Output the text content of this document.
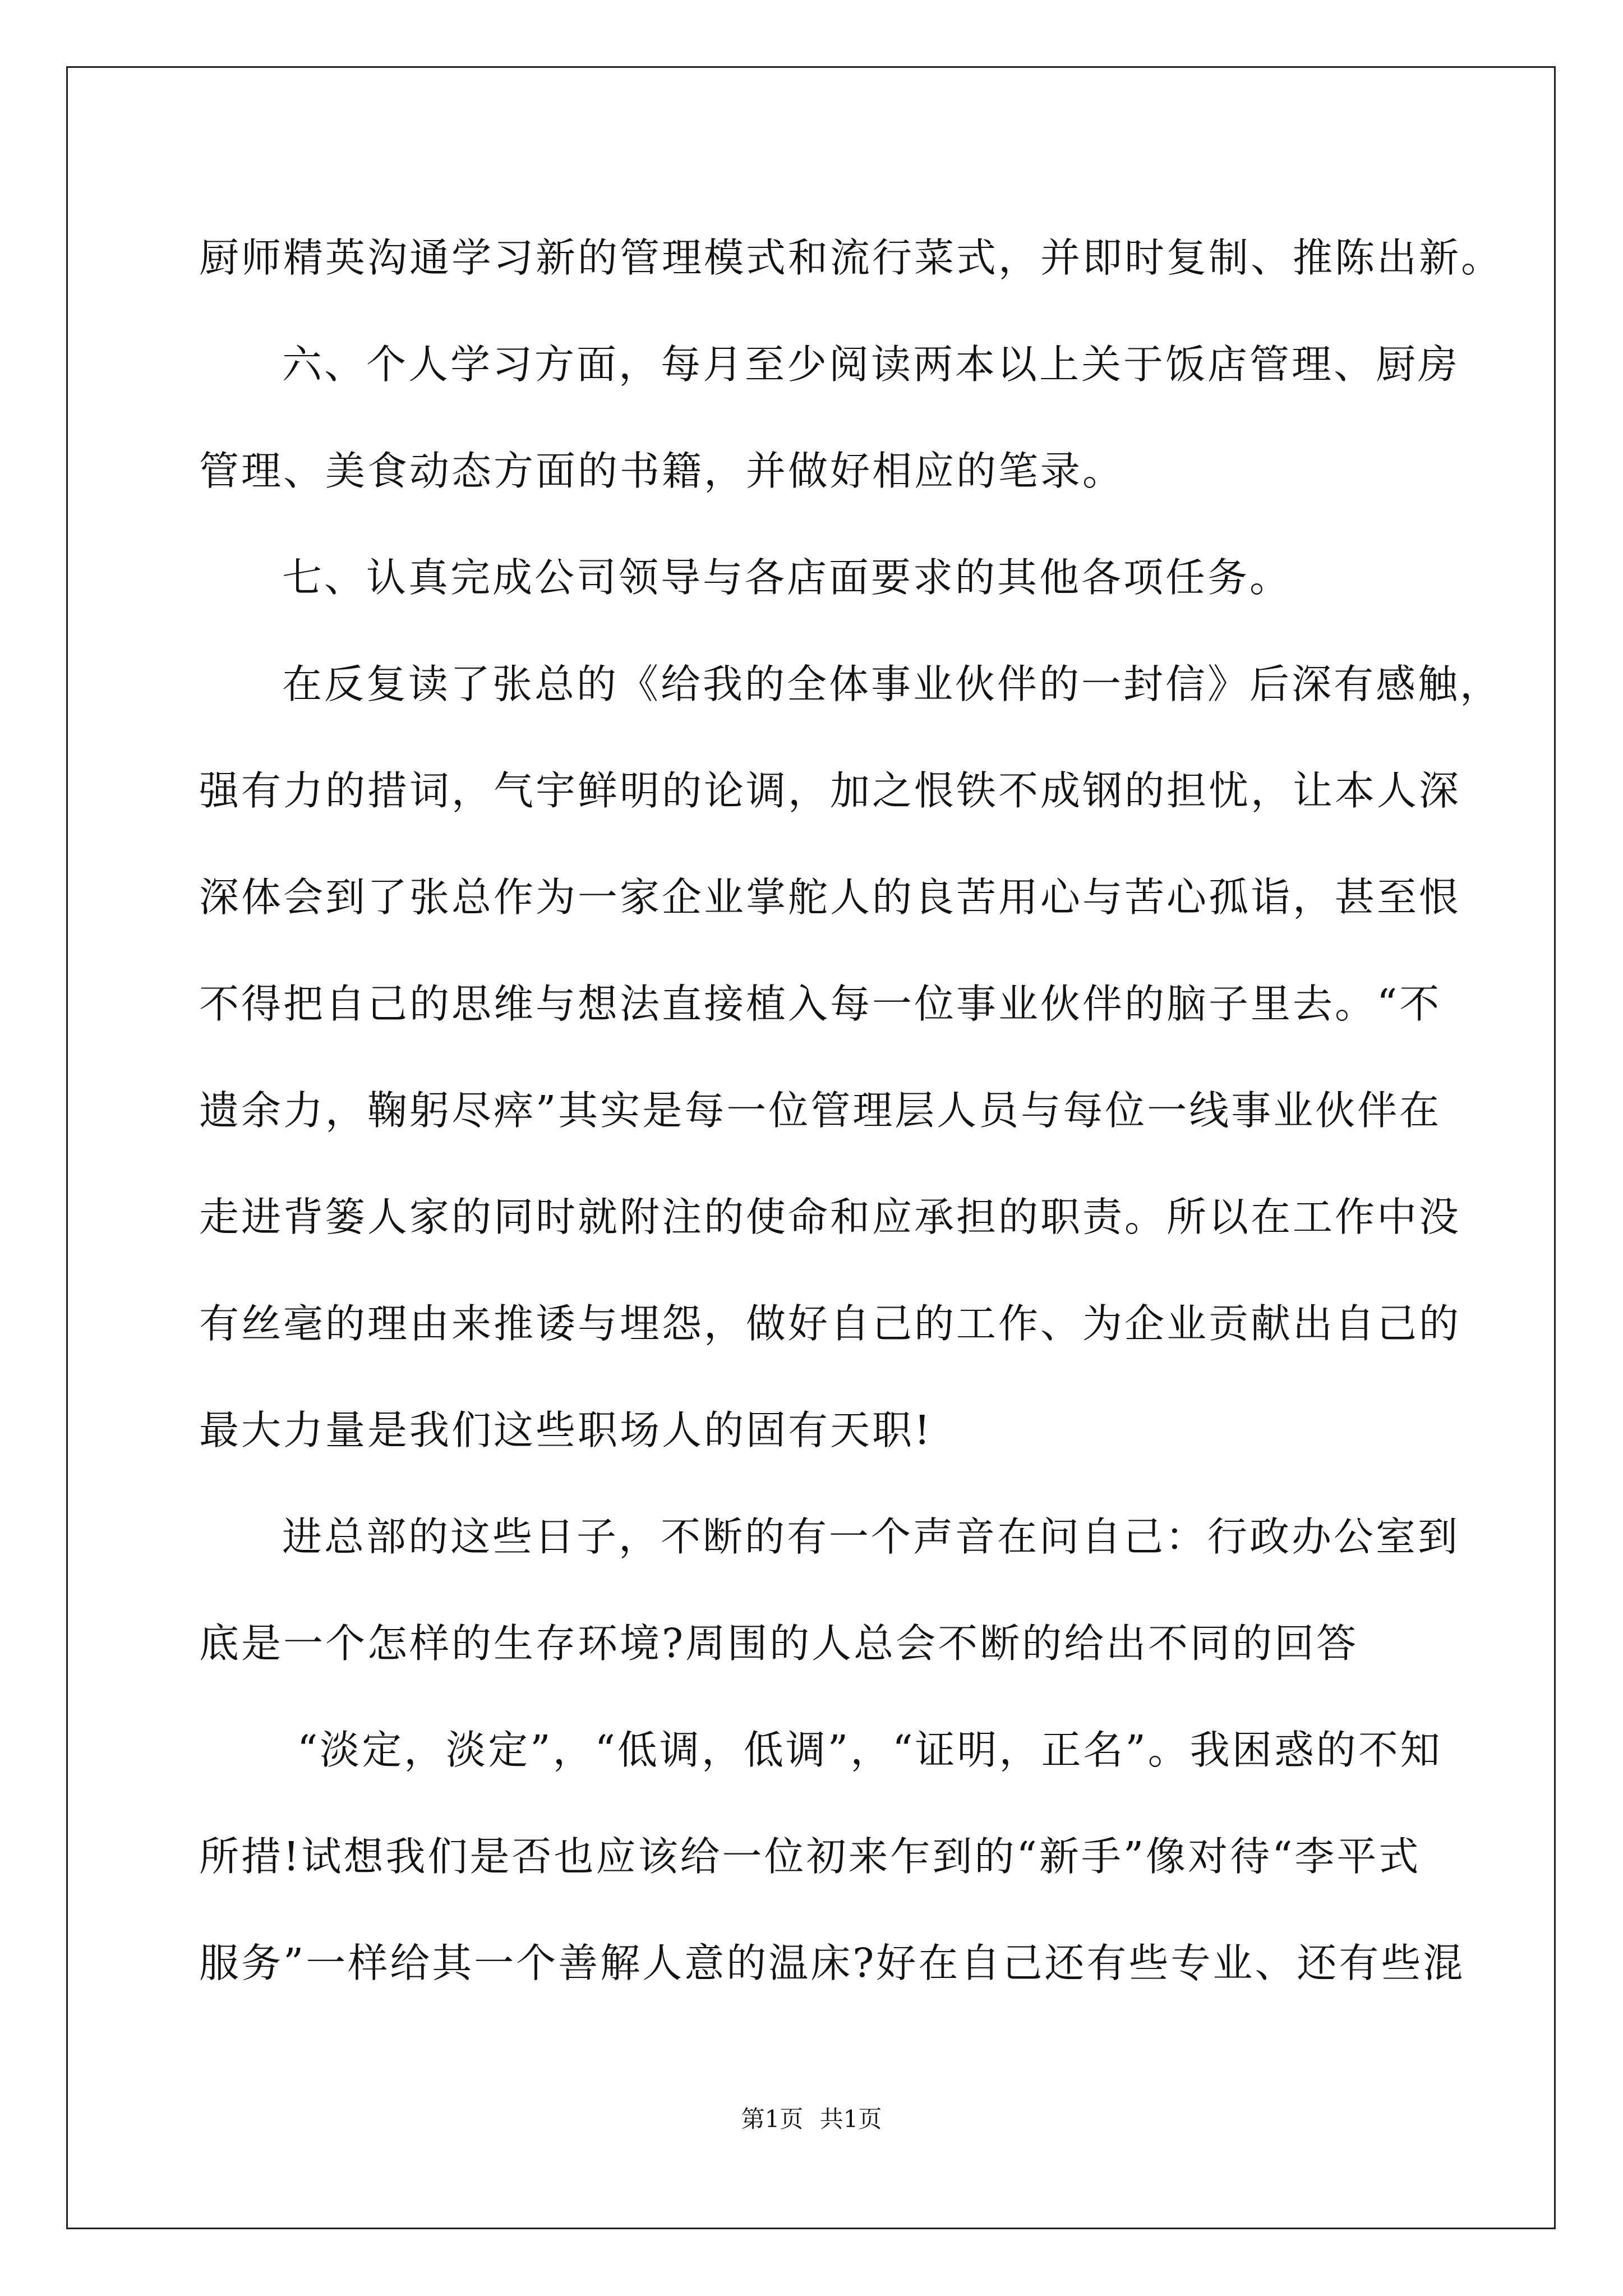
厨师精英沟通学习新的管理模式和流行菜式，并即时复制、推陈出新。
六、个人学习方面，每月至少阅读两本以上关于饭店管理、厨房
管理、美食动态方面的书籍，并做好相应的笔录。
七、认真完成公司领导与各店面要求的其他各项任务。
在反复读了张总的《给我的全体事业伙伴的一封信》后深有感触，
强有力的措词，气宇鲜明的论调，加之恨铁不成钢的担忧，让本人深
深体会到了张总作为一家企业掌舵人的良苦用心与苦心孤诣，甚至恨
不得把自己的思维与想法直接植入每一位事业伙伴的脑子里去。“不
遗余力，鞠躬尽瘁”其实是每一位管理层人员与每位一线事业伙伴在
走进背篓人家的同时就附注的使命和应承担的职责。所以在工作中没
有丝毫的理由来推诿与埋怨，做好自己的工作、为企业贡献出自己的
最大力量是我们这些职场人的固有天职!
进总部的这些日子，不断的有一个声音在问自己：行政办公室到
底是一个怎样的生存环境?周围的人总会不断的给出不同的回答
“淡定，淡定”，“低调，低调”，“证明，正名”。我困惑的不知
所措!试想我们是否也应该给一位初来乍到的“新手”像对待“李平式
服务”一样给其一个善解人意的温床?好在自己还有些专业、还有些混
第1页 共1页
